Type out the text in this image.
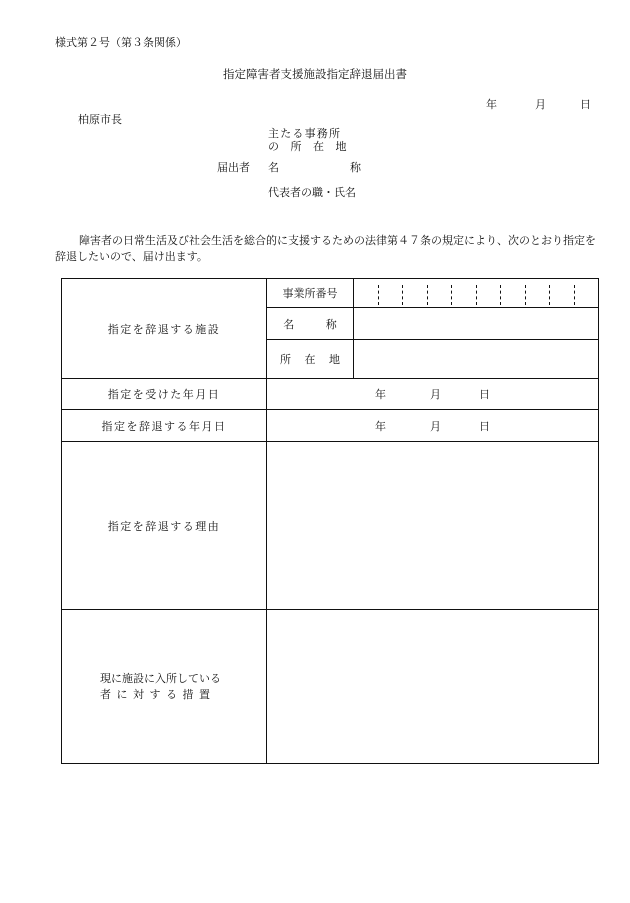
様式第２号（第３条関係）
指定障害者支援施設指定辞退届出書
年	月	日
柏原市長
主たる事務所
の 所 在 地
届出者 名	称
代表者の職・氏名
障害者の日常生活及び社会生活を総合的に支援するための法律第４７条の規定により、次のとおり指定を辞退したいので、届け出ます。
指定を辞退する施設	事業所番号	

	名 称	
	所 在 地	
指定を受けた年月日	年 月 日	
指定を辞退する年月日	年 月 日	
指定を辞退する理由		

現に施設に入所している
者 に 対 す る 措 置		
